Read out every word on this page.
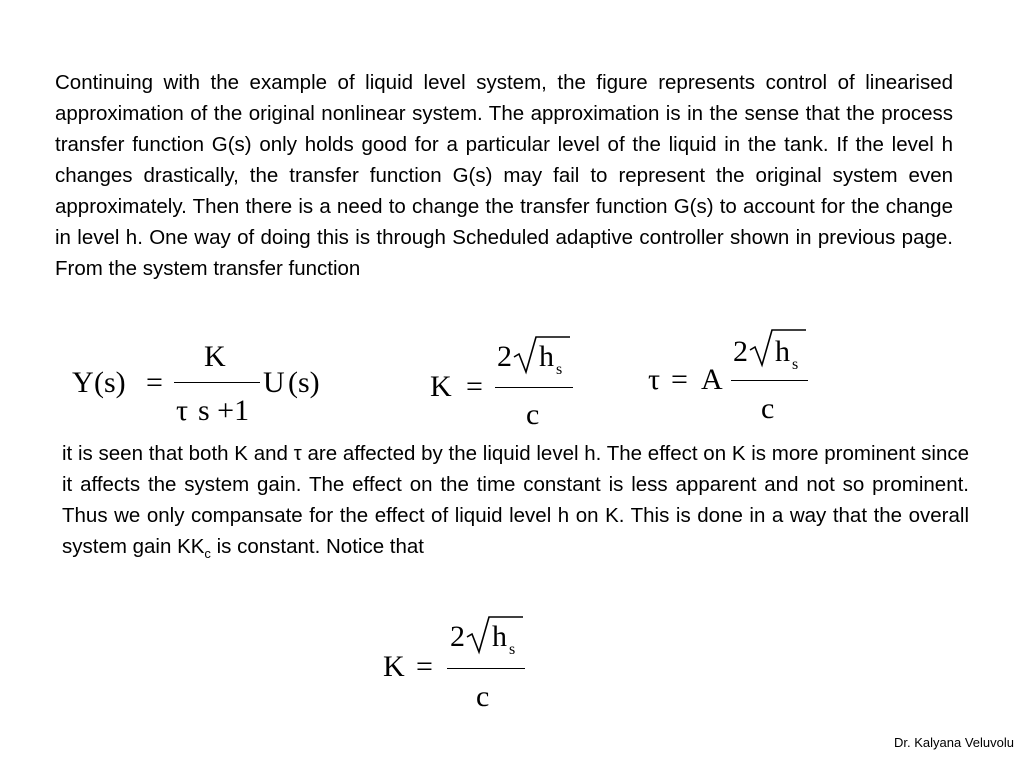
Continuing with the example of liquid level system, the figure represents control of linearised approximation of the original nonlinear system. The approximation is in the sense that the process transfer function G(s) only holds good for a particular level of the liquid in the tank. If the level h changes drastically, the transfer function G(s) may fail to represent the original system even approximately. Then there is a need to change the transfer function G(s) to account for the change in level h. One way of doing this is through Scheduled adaptive controller shown in previous page. From the system transfer function

Y (s) =
K
τ s +1
U (s)	K =
2 h s
c
τ = A
2 h s
c

it is seen that both K and τ are affected by the liquid level h. The effect on K is more prominent since it affects the system gain. The effect on the time constant is less apparent and not so prominent. Thus we only compansate for the effect of liquid level h on K. This is done in a way that the overall system gain $KK_c$ is constant. Notice that

K =
2 h s
c
Dr. Kalyana Veluvolu
